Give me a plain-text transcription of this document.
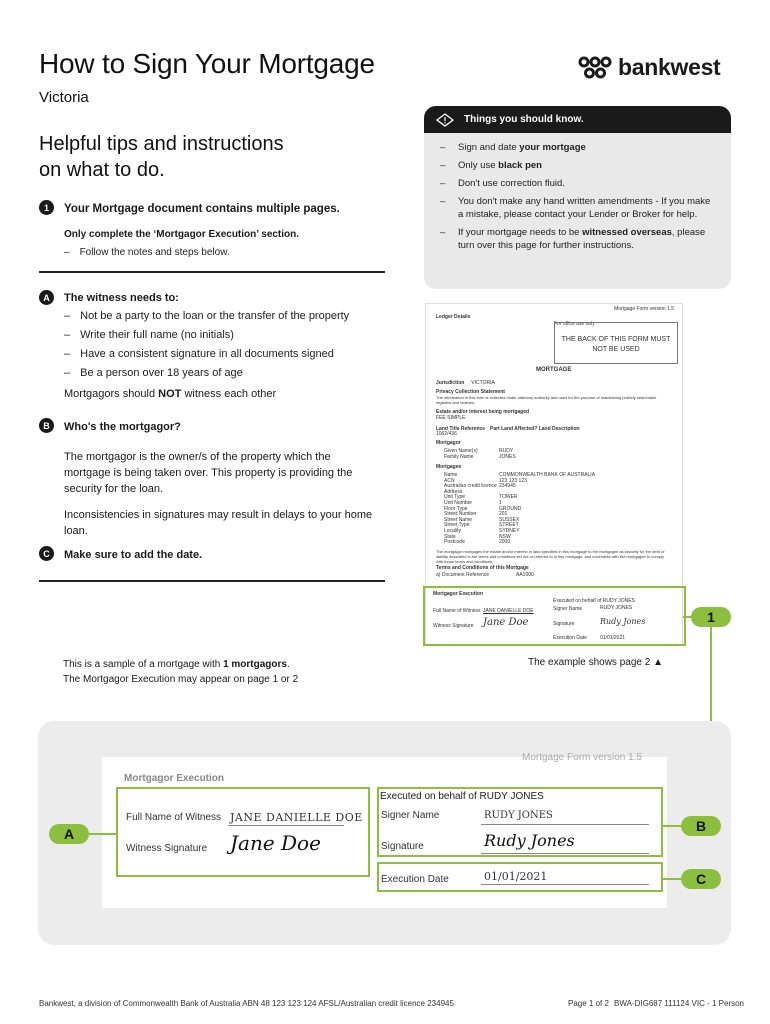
How to Sign Your Mortgage
Victoria
bankwest
Helpful tips and instructions
on what to do.
1	Your Mortgage document contains multiple pages.
Only complete the ‘Mortgagor Execution’ section.
– Follow the notes and steps below.
Things you should know.
– Sign and date your mortgage
– Only use black pen
– Don't use correction fluid.
– You don't make any hand written amendments - If you make a mistake, please contact your Lender or Broker for help.
– If your mortgage needs to be witnessed overseas, please turn over this page for further instructions.
A	The witness needs to:
– Not be a party to the loan or the transfer of the property
– Write their full name (no initials)
– Have a consistent signature in all documents signed
– Be a person over 18 years of age
Mortgagors should NOT witness each other
B	Who's the mortgagor?
The mortgagor is the owner/s of the property which the mortgage is being taken over. This property is providing the security for the loan.
Inconsistencies in signatures may result in delays to your home loan.
C	Make sure to add the date.
Mortgage Form version 1.5
Ledger Details
For office use only
THE BACK OF THIS FORM MUST NOT BE USED
MORTGAGE
Jurisdiction VICTORIA
Privacy Collection Statement
The information in this form is collected under statutory authority and used for the purpose of maintaining publicly searchable registers and indexes.
Estate and/or interest being mortgaged
FEE SIMPLE
Land Title Reference
1062/436
Part Land Affected? Land Description
Mortgagor
Given Name(s)	RUDY
Family Name	JONES
Mortgagee
Name	COMMONWEALTH BANK OF AUSTRALIA
ACN	123 123 123
Australian credit licence 234945
Address
Unit Type	TOWER
Unit Number	1
Floor Type	GROUND
Street Number	201
Street Name	SUSSEX
Street Type	STREET
Locality	SYDNEY
State	NSW
Postcode	2000
The mortgagor mortgages the estate and/or interest in land specified in this mortgage to the mortgagee as security for the debt or liability described in the terms and conditions set out or referred to in this mortgage, and covenants with the mortgagee to comply with those terms and conditions.
Terms and Conditions of this Mortgage
a) Document Reference	AA1000
Mortgagor Execution
Executed on behalf of RUDY JONES
Full Name of Witness JANE DANIELLE DOE	Signer Name	RUDY JONES
Witness Signature Jane Doe	Signature	Rudy Jones
Execution Date	01/01/2021
1
This is a sample of a mortgage with 1 mortgagors.
The Mortgagor Execution may appear on page 1 or 2
The example shows page 2 ▲
Mortgage Form version 1.5
Mortgagor Execution
Executed on behalf of RUDY JONES
Full Name of Witness JANE DANIELLE DOE
Witness Signature Jane Doe
Signer Name	RUDY JONES
Signature	Rudy Jones
Execution Date	01/01/2021
A	B
C
Bankwest, a division of Commonwealth Bank of Australia ABN 48 123 123 124 AFSL/Australian credit licence 234945	Page 1 of 2 BWA-DIG687 111124 VIC - 1 Person
